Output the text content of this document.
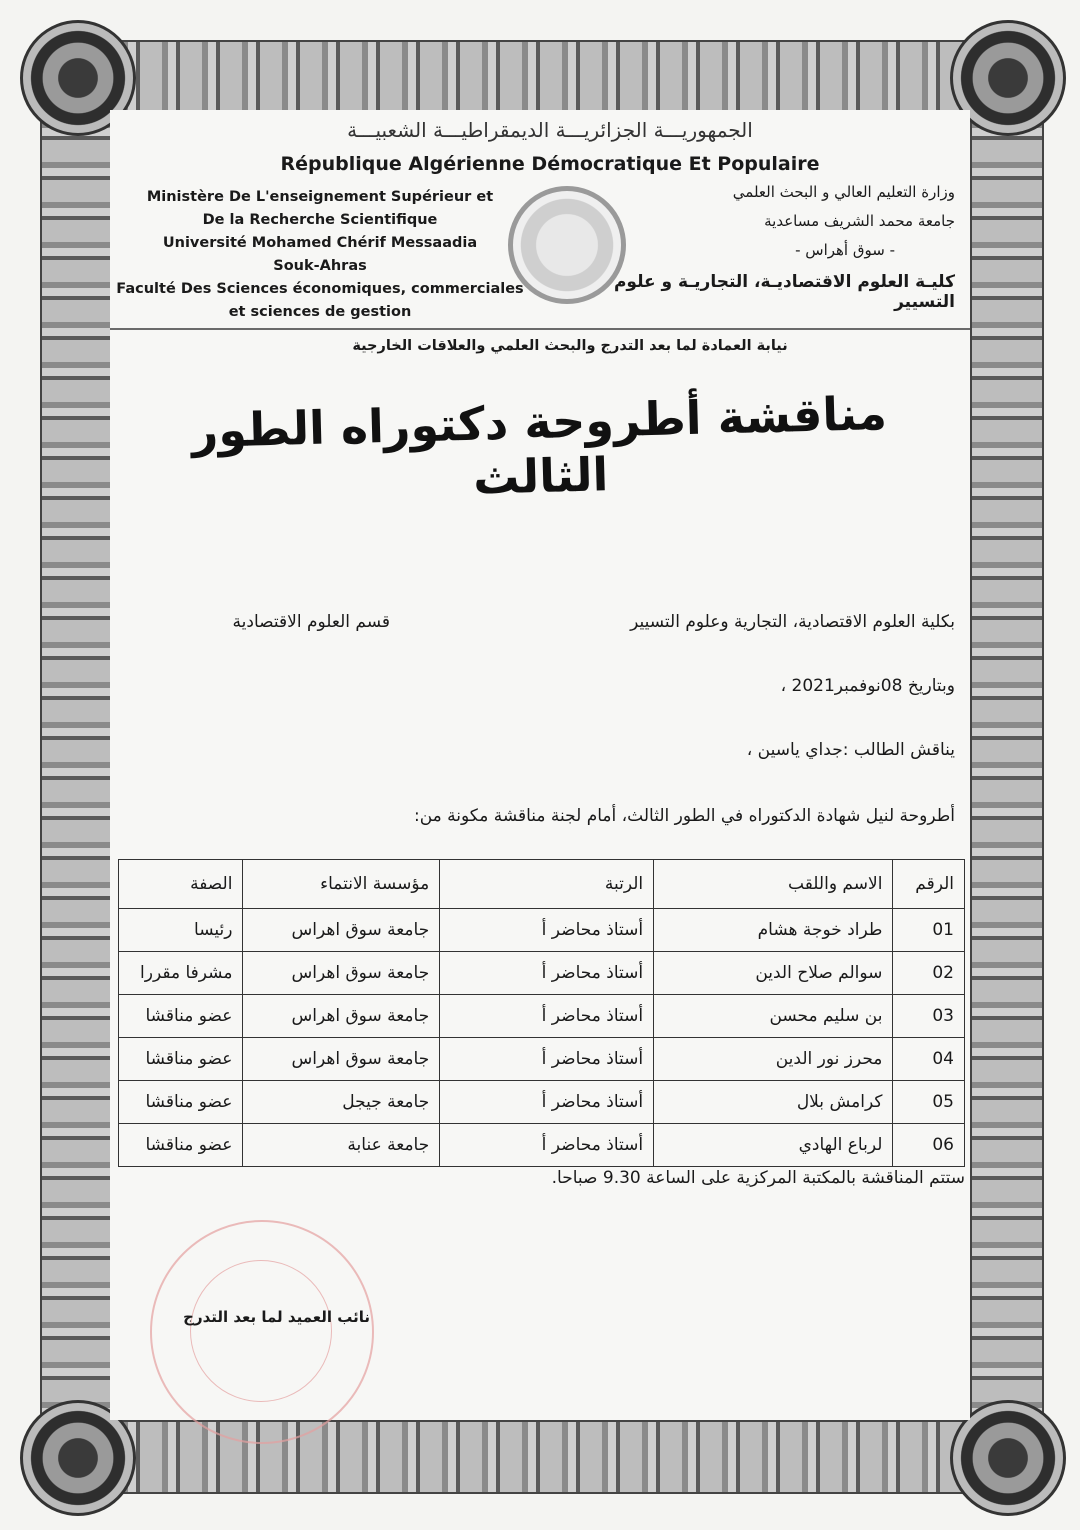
الجمهوريـــة الجزائريـــة الديمقراطيـــة الشعبيـــة
République Algérienne Démocratique Et Populaire
Ministère De L'enseignement Supérieur et
De la Recherche Scientifique
Université Mohamed Chérif Messaadia
Souk-Ahras
Faculté Des Sciences économiques, commerciales
et sciences de gestion
وزارة التعليم العالي و البحث العلمي
جامعة محمد الشريف مساعدية
- سوق أهراس -
كليـة العلوم الاقتصاديـة، التجاريـة و علوم التسيير
نيابة العمادة لما بعد التدرج والبحث العلمي والعلاقات الخارجية
مناقشة أطروحة دكتوراه الطور الثالث
بكلية العلوم الاقتصادية، التجارية وعلوم التسيير
قسم العلوم الاقتصادية
وبتاريخ 08نوفمبر2021 ،
يناقش الطالب :جداي ياسين ،
أطروحة لنيل شهادة الدكتوراه في الطور الثالث، أمام لجنة مناقشة مكونة من:
الرقم	الاسم واللقب	الرتبة	مؤسسة الانتماء	الصفة
01	طراد خوجة هشام	أستاذ محاضر أ	جامعة سوق اهراس	رئيسا
02	سوالم صلاح الدين	أستاذ محاضر أ	جامعة سوق اهراس	مشرفا مقررا
03	بن سليم محسن	أستاذ محاضر أ	جامعة سوق اهراس	عضو مناقشا
04	محرز نور الدين	أستاذ محاضر أ	جامعة سوق اهراس	عضو مناقشا
05	كرامش بلال	أستاذ محاضر أ	جامعة جيجل	عضو مناقشا
06	لرباع الهادي	أستاذ محاضر أ	جامعة عنابة	عضو مناقشا
ستتم المناقشة بالمكتبة المركزية على الساعة 9.30 صباحا.
نائب العميد لما بعد التدرج
